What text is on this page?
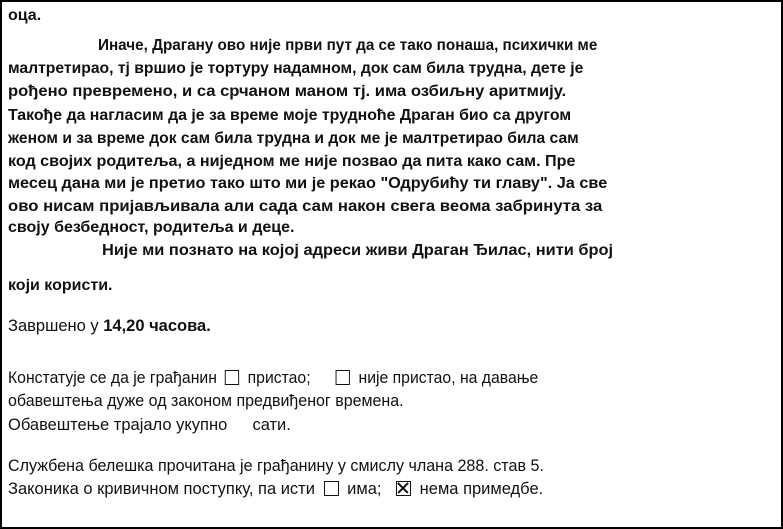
оца.
Иначе, Драгану ово није први пут да се тако понаша, психички ме
малтретирао, тј вршио је тортуру надамном, док сам била трудна, дете је
рођено превремено, и са срчаном маном тј. има озбиљну аритмију.
Такође да нагласим да је за време моје трудноће Драган био са другом
женом и за време док сам била трудна и док ме је малтретирао била сам
код својих родитеља, а ниједном ме није позвао да пита како сам. Пре
месец дана ми је претио тако што ми је рекао "Одрубићу ти главу". Ја све
ово нисам пријављивала али сада сам након свега веома забринута за
своју безбедност, родитеља и деце.
Није ми познато на којој адреси живи Драган Ђилас, нити број
који користи.
Завршено у 14,20 часова.
Констатује се да је грађанин пристао;	није пристао, на давање
обавештења дуже од законом предвиђеног времена.
Обавештење трајало укупно сати.
Службена белешка прочитана је грађанину у смислу члана 288. став 5.
Законика о кривичном поступку, па исти има; нема примедбе.
